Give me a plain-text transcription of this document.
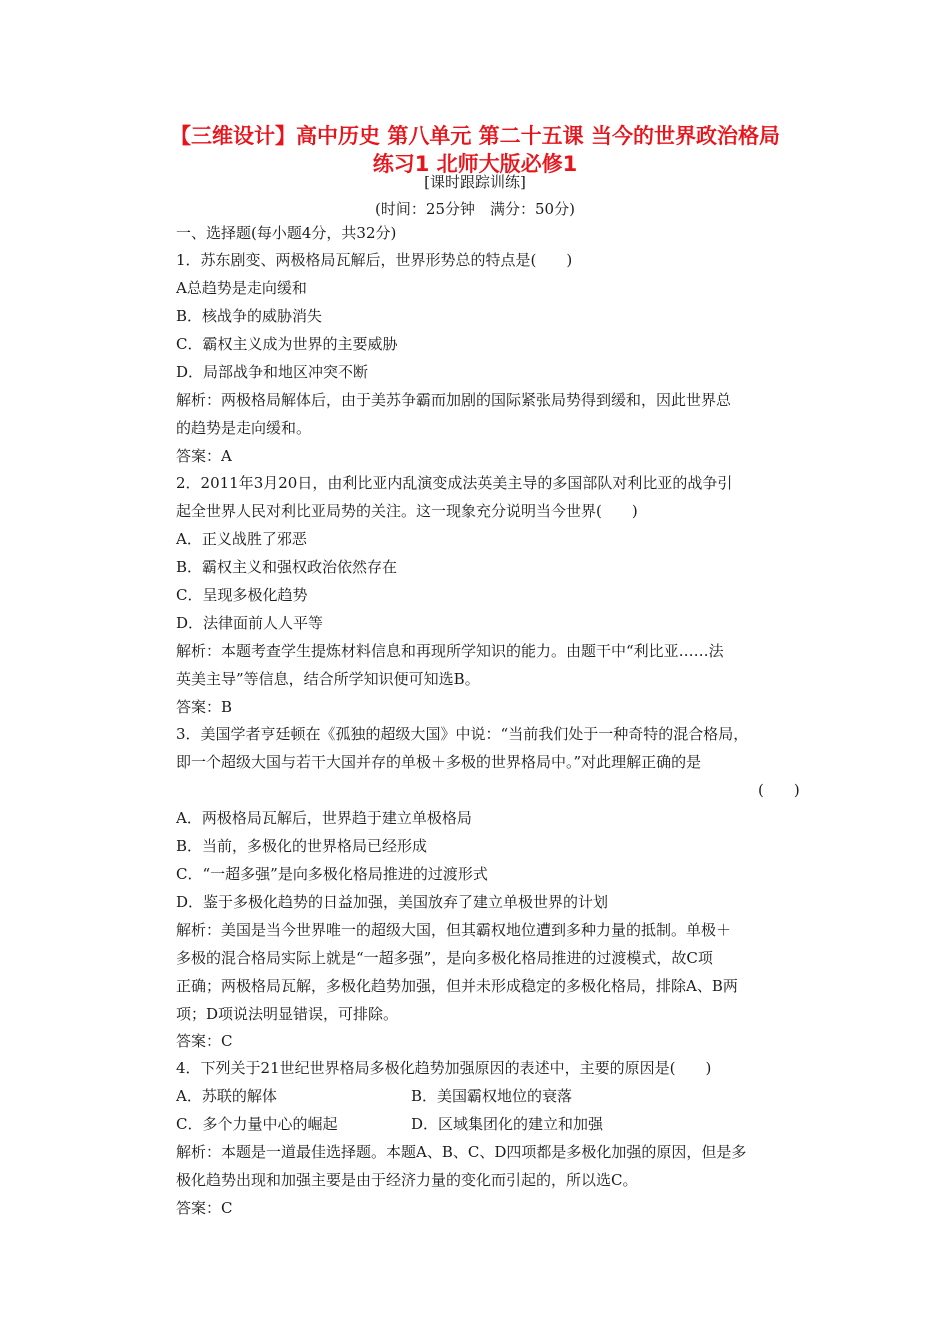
【三维设计】高中历史 第八单元 第二十五课 当今的世界政治格局
练习1 北师大版必修1
[课时跟踪训练]
(时间：25分钟　满分：50分)
一、选择题(每小题4分，共32分)
1．苏东剧变、两极格局瓦解后，世界形势总的特点是(　　)
A总趋势是走向缓和
B．核战争的威胁消失
C．霸权主义成为世界的主要威胁
D．局部战争和地区冲突不断
解析：两极格局解体后，由于美苏争霸而加剧的国际紧张局势得到缓和，因此世界总
的趋势是走向缓和。
答案：A
2．2011年3月20日，由利比亚内乱演变成法英美主导的多国部队对利比亚的战争引
起全世界人民对利比亚局势的关注。这一现象充分说明当今世界(　　)
A．正义战胜了邪恶
B．霸权主义和强权政治依然存在
C．呈现多极化趋势
D．法律面前人人平等
解析：本题考查学生提炼材料信息和再现所学知识的能力。由题干中“利比亚……法
英美主导”等信息，结合所学知识便可知选B。
答案：B
3．美国学者亨廷顿在《孤独的超级大国》中说：“当前我们处于一种奇特的混合格局，
即一个超级大国与若干大国并存的单极＋多极的世界格局中。”对此理解正确的是
(　　)
A．两极格局瓦解后，世界趋于建立单极格局
B．当前，多极化的世界格局已经形成
C．“一超多强”是向多极化格局推进的过渡形式
D．鉴于多极化趋势的日益加强，美国放弃了建立单极世界的计划
解析：美国是当今世界唯一的超级大国，但其霸权地位遭到多种力量的抵制。单极＋
多极的混合格局实际上就是“一超多强”，是向多极化格局推进的过渡模式，故C项
正确；两极格局瓦解，多极化趋势加强，但并未形成稳定的多极化格局，排除A、B两
项；D项说法明显错误，可排除。
答案：C
4．下列关于21世纪世界格局多极化趋势加强原因的表述中，主要的原因是(　　)
A．苏联的解体	B．美国霸权地位的衰落
C．多个力量中心的崛起	D．区域集团化的建立和加强
解析：本题是一道最佳选择题。本题A、B、C、D四项都是多极化加强的原因，但是多
极化趋势出现和加强主要是由于经济力量的变化而引起的，所以选C。
答案：C
